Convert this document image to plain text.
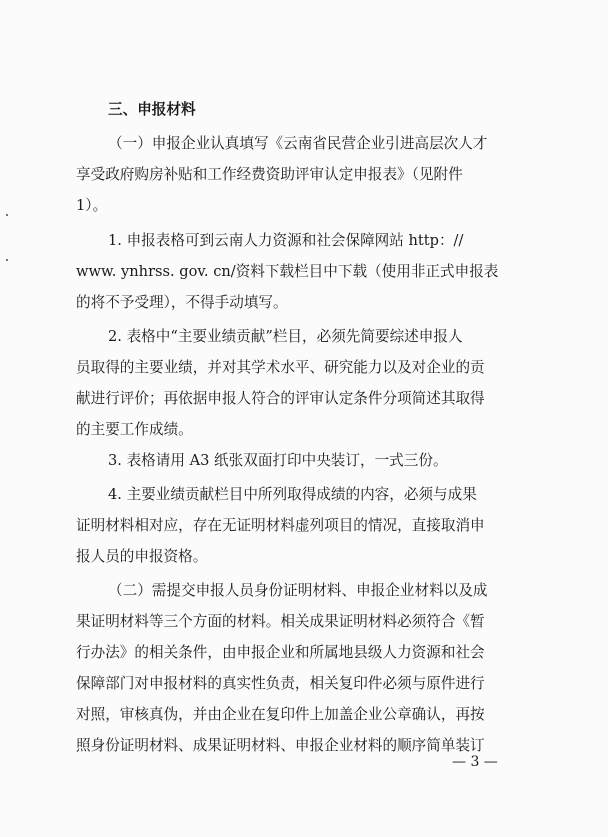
三、申报材料
（一）申报企业认真填写《云南省民营企业引进高层次人才
享受政府购房补贴和工作经费资助评审认定申报表》（见附件
1）。
1. 申报表格可到云南人力资源和社会保障网站 http：//
www. ynhrss. gov. cn/资料下载栏目中下载（使用非正式申报表
的将不予受理），不得手动填写。
2. 表格中“主要业绩贡献”栏目，必须先简要综述申报人
员取得的主要业绩，并对其学术水平、研究能力以及对企业的贡
献进行评价；再依据申报人符合的评审认定条件分项简述其取得
的主要工作成绩。
3. 表格请用 A3 纸张双面打印中央装订，一式三份。
4. 主要业绩贡献栏目中所列取得成绩的内容，必须与成果
证明材料相对应，存在无证明材料虚列项目的情况，直接取消申
报人员的申报资格。
（二）需提交申报人员身份证明材料、申报企业材料以及成
果证明材料等三个方面的材料。相关成果证明材料必须符合《暂
行办法》的相关条件，由申报企业和所属地县级人力资源和社会
保障部门对申报材料的真实性负责，相关复印件必须与原件进行
对照，审核真伪，并由企业在复印件上加盖企业公章确认，再按
照身份证明材料、成果证明材料、申报企业材料的顺序简单装订
— 3 —
